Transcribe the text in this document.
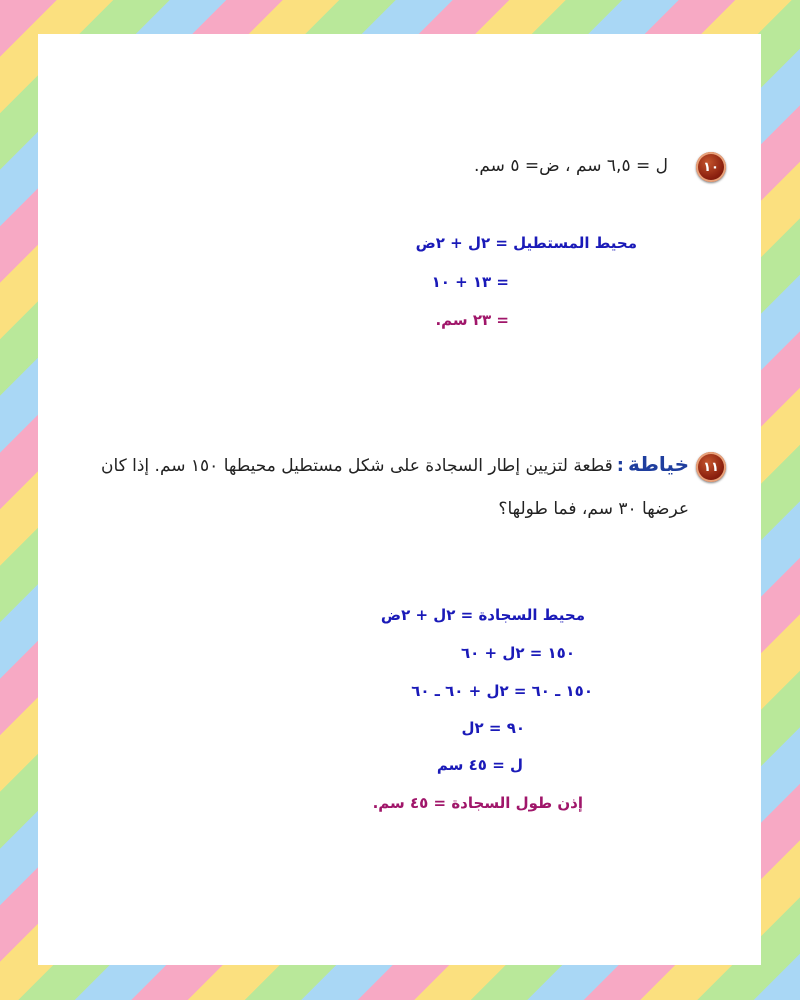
١٠
ل = ٦,٥ سم ، ض= ٥ سم.
محيط المستطيل = ٢ل + ٢ض
= ١٣ + ١٠
= ٢٣ سم.
١١
خياطة:قطعة لتزيين إطار السجادة على شكل مستطيل محيطها ١٥٠ سم. إذا كان
عرضها ٣٠ سم، فما طولها؟
محيط السجادة = ٢ل + ٢ض
١٥٠ = ٢ل + ٦٠
١٥٠ ـ ٦٠ = ٢ل + ٦٠ ـ ٦٠
٩٠ = ٢ل
ل = ٤٥ سم
إذن طول السجادة = ٤٥ سم.
